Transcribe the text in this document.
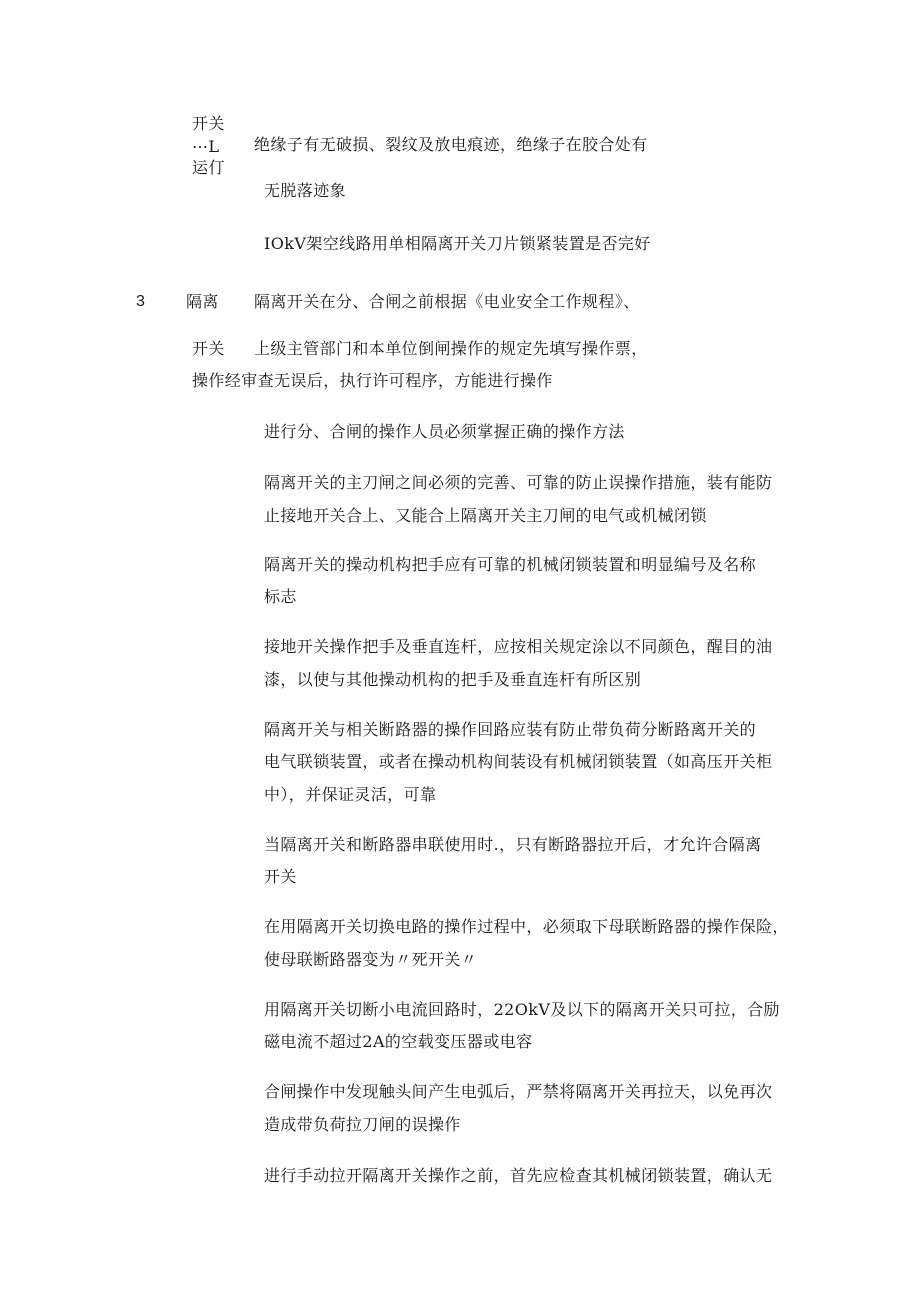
开关
⋯L
运仃
绝缘子有无破损、裂纹及放电痕迹，绝缘子在胶合处有
无脱落迹象
IOkV架空线路用单相隔离开关刀片锁紧装置是否完好
3	隔离 隔离开关在分、合闸之前根据《电业安全工作规程》、
开关 上级主管部门和本单位倒闸操作的规定先填写操作票，
操作经审查无误后，执行许可程序，方能进行操作
进行分、合闸的操作人员必须掌握正确的操作方法
隔离开关的主刀闸之间必须的完善、可靠的防止误操作措施，装有能防
止接地开关合上、又能合上隔离开关主刀闸的电气或机械闭锁
隔离开关的操动机构把手应有可靠的机械闭锁装置和明显编号及名称
标志
接地开关操作把手及垂直连杆，应按相关规定涂以不同颜色，醒目的油
漆，以使与其他操动机构的把手及垂直连杆有所区别
隔离开关与相关断路器的操作回路应装有防止带负荷分断路离开关的
电气联锁装置，或者在操动机构间装设有机械闭锁装置（如高压开关柜
中），并保证灵活，可靠
当隔离开关和断路器串联使用时.，只有断路器拉开后，才允许合隔离
开关
在用隔离开关切换电路的操作过程中，必须取下母联断路器的操作保险，
使母联断路器变为〃死开关〃
用隔离开关切断小电流回路时，22OkV及以下的隔离开关只可拉，合励
磁电流不超过2A的空载变压器或电容
合闸操作中发现触头间产生电弧后，严禁将隔离开关再拉天，以免再次
造成带负荷拉刀闸的误操作
进行手动拉开隔离开关操作之前，首先应检查其机械闭锁装置，确认无
